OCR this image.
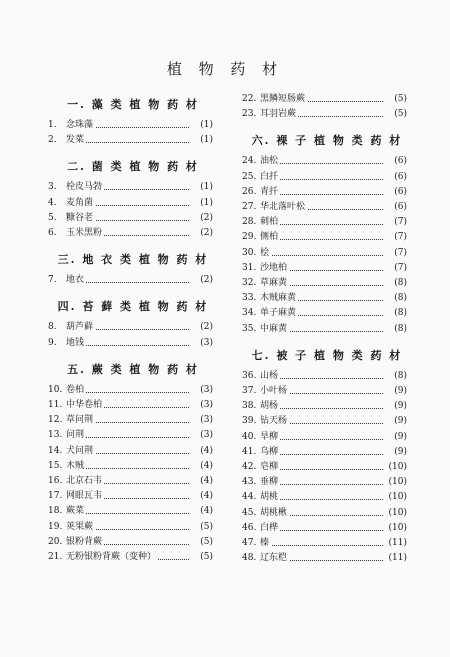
植 物 药 材
一. 藻 类 植 物 药 材
1.	念珠藻	(1)
2.	发菜	(1)
二. 菌 类 植 物 药 材
3.	栓皮马勃	(1)
4.	麦角菌	(1)
5.	糠谷老	(2)
6.	玉米黑粉	(2)
三. 地 衣 类 植 物 药 材
7.	地衣	(2)
四. 苔 藓 类 植 物 药 材
8.	葫芦藓	(2)
9.	地钱	(3)
五. 蕨 类 植 物 药 材
10. 卷柏	(3)
11. 中华卷柏	(3)
12. 草问荆	(3)
13. 问荆	(3)
14. 犬问荆	(4)
15. 木贼	(4)
16. 北京石韦	(4)
17. 网眼瓦韦	(4)
18. 蕨菜	(4)
19. 荚果蕨	(5)
20. 银粉背蕨	(5)
21. 无粉银粉背蕨（变种）	(5)
22. 黑鳞短肠蕨	(5)
23. 耳羽岩蕨	(5)
六. 裸 子 植 物 类 药 材
24. 油松	(6)
25. 白扦	(6)
26. 青扦	(6)
27. 华北落叶松	(6)
28. 刺柏	(7)
29. 侧柏	(7)
30. 桧	(7)
31. 沙地柏	(7)
32. 草麻黄	(8)
33. 木贼麻黄	(8)
34. 单子麻黄	(8)
35. 中麻黄	(8)
七. 被 子 植 物 类 药 材
36. 山杨	(8)
37. 小叶杨	(9)
38. 胡杨	(9)
39. 钻天杨	(9)
40. 旱柳	(9)
41. 乌柳	(9)
42. 皂柳	(10)
43. 垂柳	(10)
44. 胡桃	(10)
45. 胡桃楸	(10)
46. 白桦	(10)
47. 榛	(11)
48. 辽东桤	(11)
